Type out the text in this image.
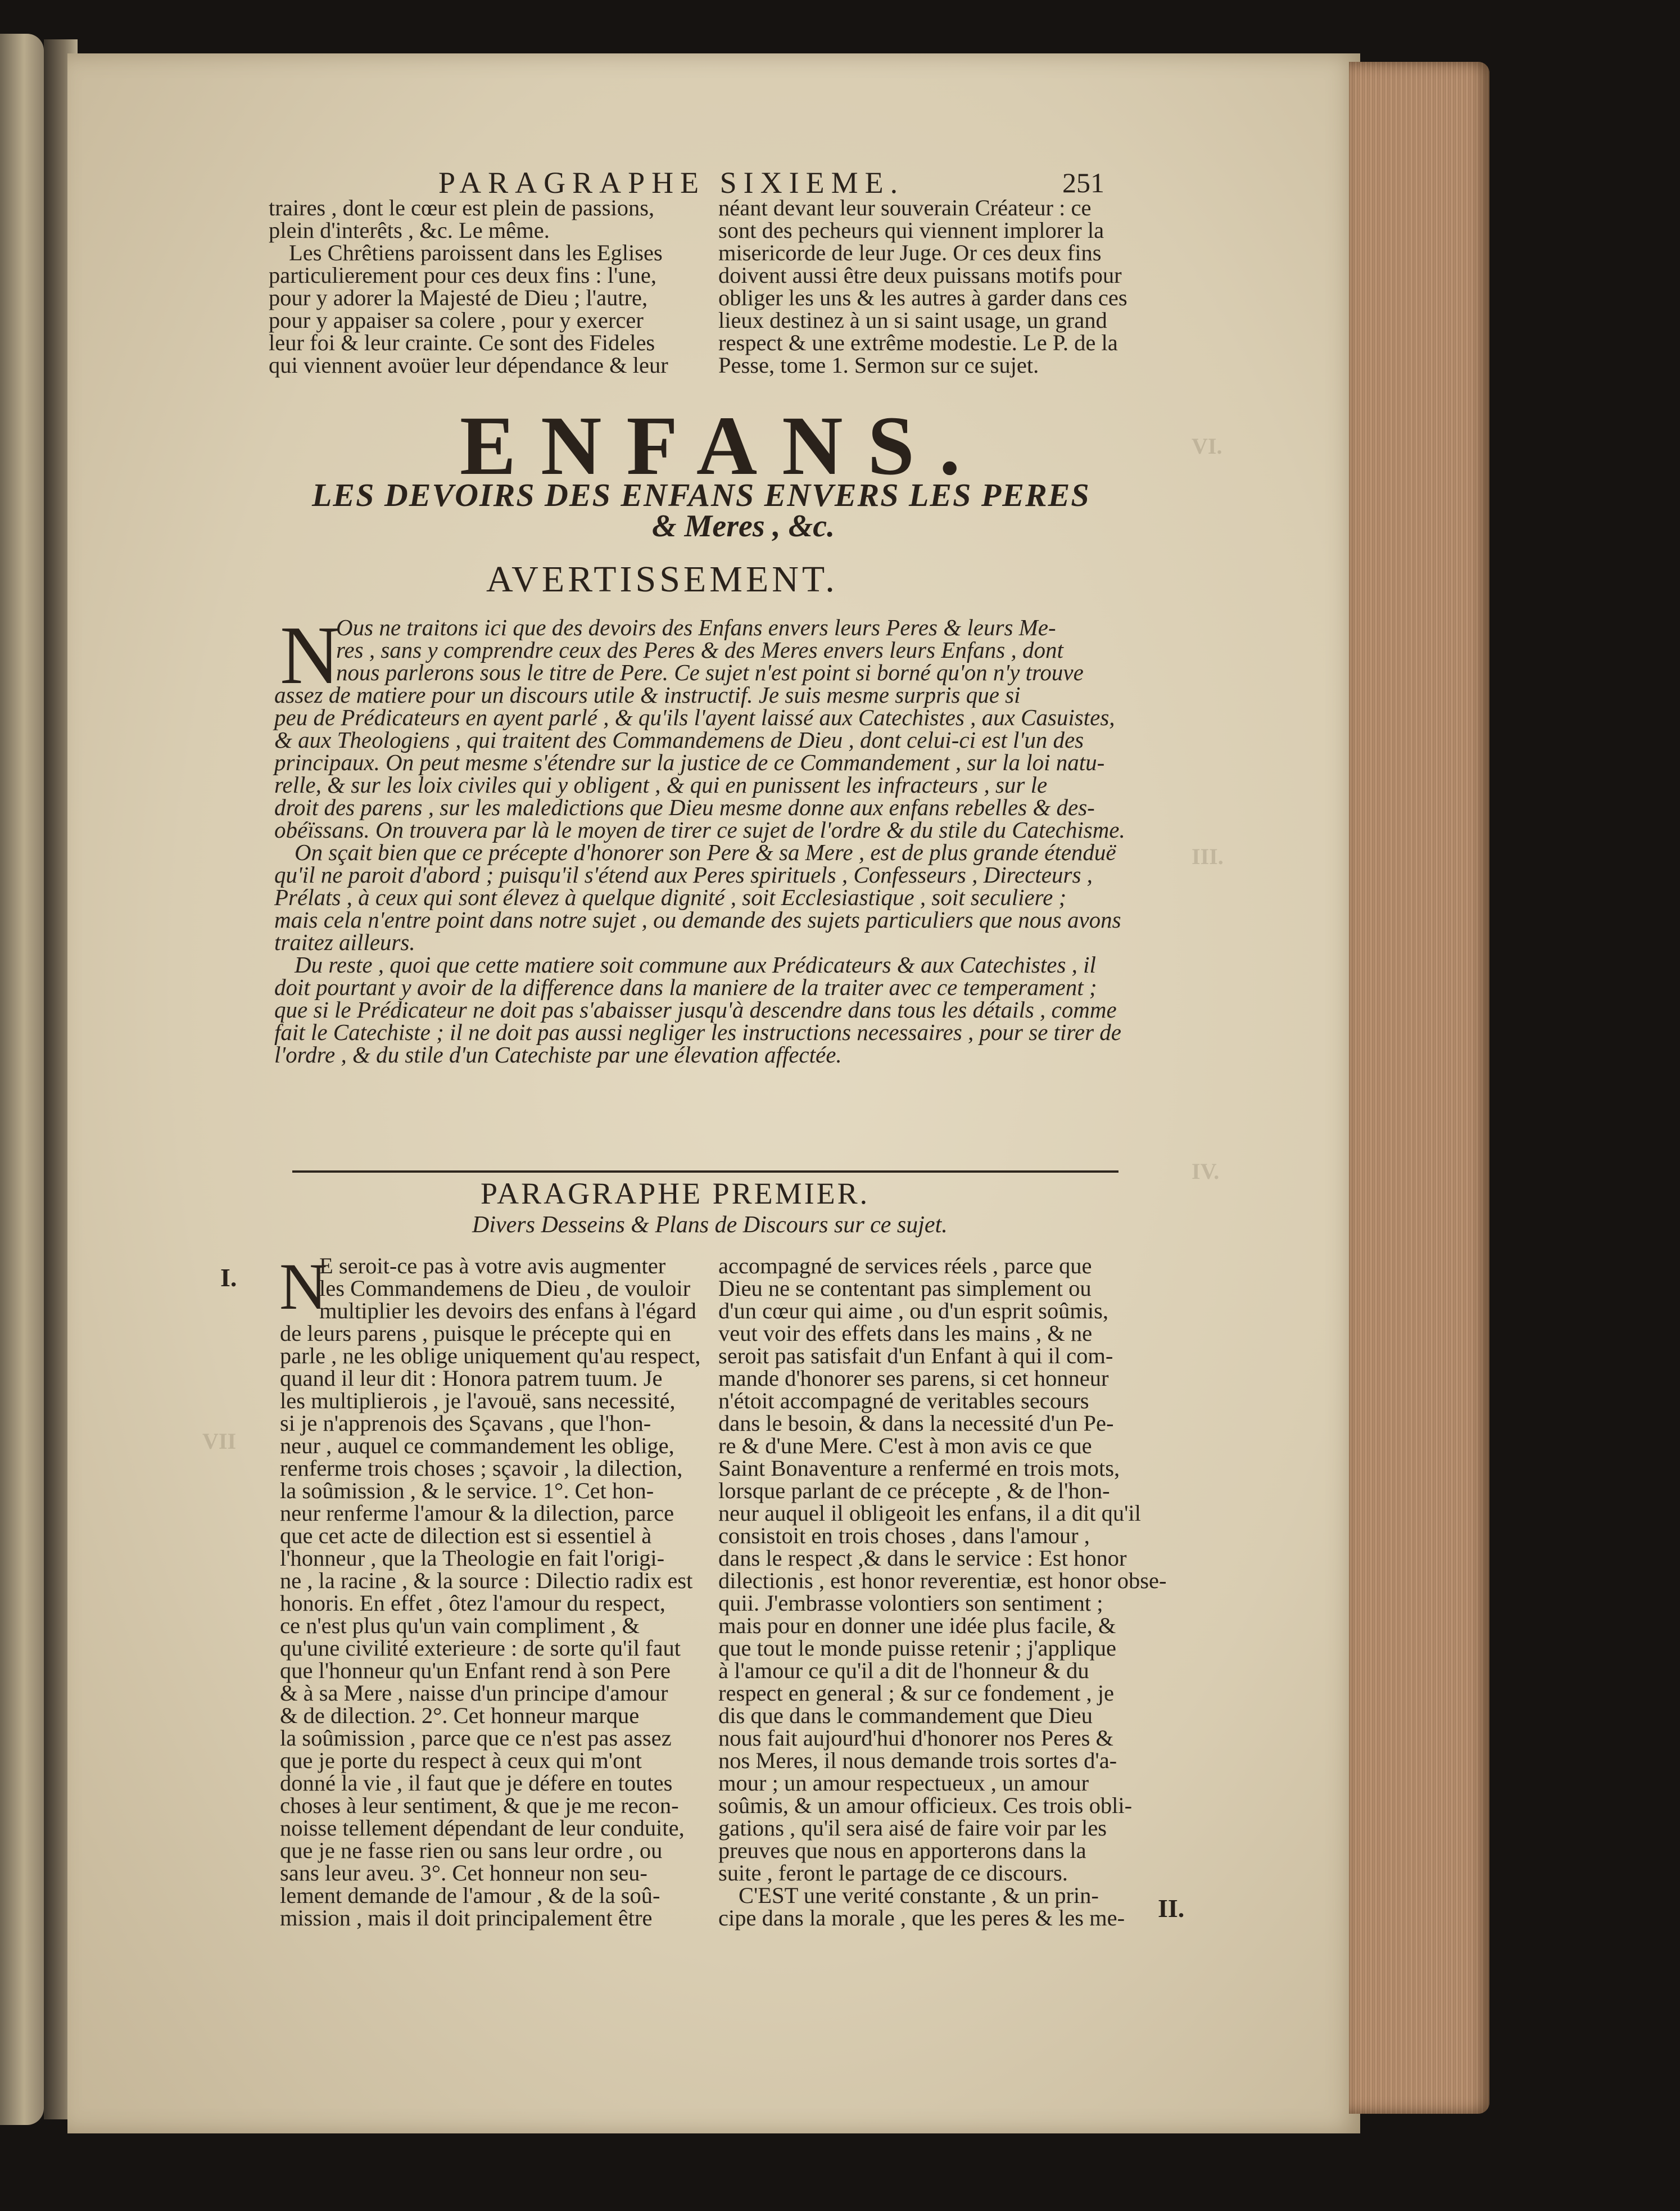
VI.
III.
IV.
VII
PARAGRAPHE SIXIEME.	251
traires , dont le cœur est plein de passions,
plein d'interêts , &c. Le même.
Les Chrêtiens paroissent dans les Eglises
particulierement pour ces deux fins : l'une,
pour y adorer la Majesté de Dieu ; l'autre,
pour y appaiser sa colere , pour y exercer
leur foi & leur crainte. Ce sont des Fideles
qui viennent avoüer leur dépendance & leur
néant devant leur souverain Créateur : ce
sont des pecheurs qui viennent implorer la
misericorde de leur Juge. Or ces deux fins
doivent aussi être deux puissans motifs pour
obliger les uns & les autres à garder dans ces
lieux destinez à un si saint usage, un grand
respect & une extrême modestie. Le P. de la
Pesse, tome 1. Sermon sur ce sujet.
ENFANS.
LES DEVOIRS DES ENFANS ENVERS LES PERES
& Meres , &c.
AVERTISSEMENT.
N
Ous ne traitons ici que des devoirs des Enfans envers leurs Peres & leurs Me-
res , sans y comprendre ceux des Peres & des Meres envers leurs Enfans , dont
nous parlerons sous le titre de Pere. Ce sujet n'est point si borné qu'on n'y trouve
assez de matiere pour un discours utile & instructif. Je suis mesme surpris que si
peu de Prédicateurs en ayent parlé , & qu'ils l'ayent laissé aux Catechistes , aux Casuistes,
& aux Theologiens , qui traitent des Commandemens de Dieu , dont celui-ci est l'un des
principaux. On peut mesme s'étendre sur la justice de ce Commandement , sur la loi natu-
relle, & sur les loix civiles qui y obligent , & qui en punissent les infracteurs , sur le
droit des parens , sur les maledictions que Dieu mesme donne aux enfans rebelles & des-
obéïssans. On trouvera par là le moyen de tirer ce sujet de l'ordre & du stile du Catechisme.
On sçait bien que ce précepte d'honorer son Pere & sa Mere , est de plus grande étenduë
qu'il ne paroit d'abord ; puisqu'il s'étend aux Peres spirituels , Confesseurs , Directeurs ,
Prélats , à ceux qui sont élevez à quelque dignité , soit Ecclesiastique , soit seculiere ;
mais cela n'entre point dans notre sujet , ou demande des sujets particuliers que nous avons
traitez ailleurs.
Du reste , quoi que cette matiere soit commune aux Prédicateurs & aux Catechistes , il
doit pourtant y avoir de la difference dans la maniere de la traiter avec ce temperament ;
que si le Prédicateur ne doit pas s'abaisser jusqu'à descendre dans tous les détails , comme
fait le Catechiste ; il ne doit pas aussi negliger les instructions necessaires , pour se tirer de
l'ordre , & du stile d'un Catechiste par une élevation affectée.
PARAGRAPHE PREMIER.
Divers Desseins & Plans de Discours sur ce sujet.
I.
II.
N
E seroit-ce pas à votre avis augmenter
les Commandemens de Dieu , de vouloir
multiplier les devoirs des enfans à l'égard
de leurs parens , puisque le précepte qui en
parle , ne les oblige uniquement qu'au respect,
quand il leur dit : Honora patrem tuum. Je
les multiplierois , je l'avouë, sans necessité,
si je n'apprenois des Sçavans , que l'hon-
neur , auquel ce commandement les oblige,
renferme trois choses ; sçavoir , la dilection,
la soûmission , & le service. 1°. Cet hon-
neur renferme l'amour & la dilection, parce
que cet acte de dilection est si essentiel à
l'honneur , que la Theologie en fait l'origi-
ne , la racine , & la source : Dilectio radix est
honoris. En effet , ôtez l'amour du respect,
ce n'est plus qu'un vain compliment , &
qu'une civilité exterieure : de sorte qu'il faut
que l'honneur qu'un Enfant rend à son Pere
& à sa Mere , naisse d'un principe d'amour
& de dilection. 2°. Cet honneur marque
la soûmission , parce que ce n'est pas assez
que je porte du respect à ceux qui m'ont
donné la vie , il faut que je défere en toutes
choses à leur sentiment, & que je me recon-
noisse tellement dépendant de leur conduite,
que je ne fasse rien ou sans leur ordre , ou
sans leur aveu. 3°. Cet honneur non seu-
lement demande de l'amour , & de la soû-
mission , mais il doit principalement être
accompagné de services réels , parce que
Dieu ne se contentant pas simplement ou
d'un cœur qui aime , ou d'un esprit soûmis,
veut voir des effets dans les mains , & ne
seroit pas satisfait d'un Enfant à qui il com-
mande d'honorer ses parens, si cet honneur
n'étoit accompagné de veritables secours
dans le besoin, & dans la necessité d'un Pe-
re & d'une Mere. C'est à mon avis ce que
Saint Bonaventure a renfermé en trois mots,
lorsque parlant de ce précepte , & de l'hon-
neur auquel il obligeoit les enfans, il a dit qu'il
consistoit en trois choses , dans l'amour ,
dans le respect ,& dans le service : Est honor
dilectionis , est honor reverentiæ, est honor obse-
quii. J'embrasse volontiers son sentiment ;
mais pour en donner une idée plus facile, &
que tout le monde puisse retenir ; j'applique
à l'amour ce qu'il a dit de l'honneur & du
respect en general ; & sur ce fondement , je
dis que dans le commandement que Dieu
nous fait aujourd'hui d'honorer nos Peres &
nos Meres, il nous demande trois sortes d'a-
mour ; un amour respectueux , un amour
soûmis, & un amour officieux. Ces trois obli-
gations , qu'il sera aisé de faire voir par les
preuves que nous en apporterons dans la
suite , feront le partage de ce discours.
C'EST une verité constante , & un prin-
cipe dans la morale , que les peres & les me-
